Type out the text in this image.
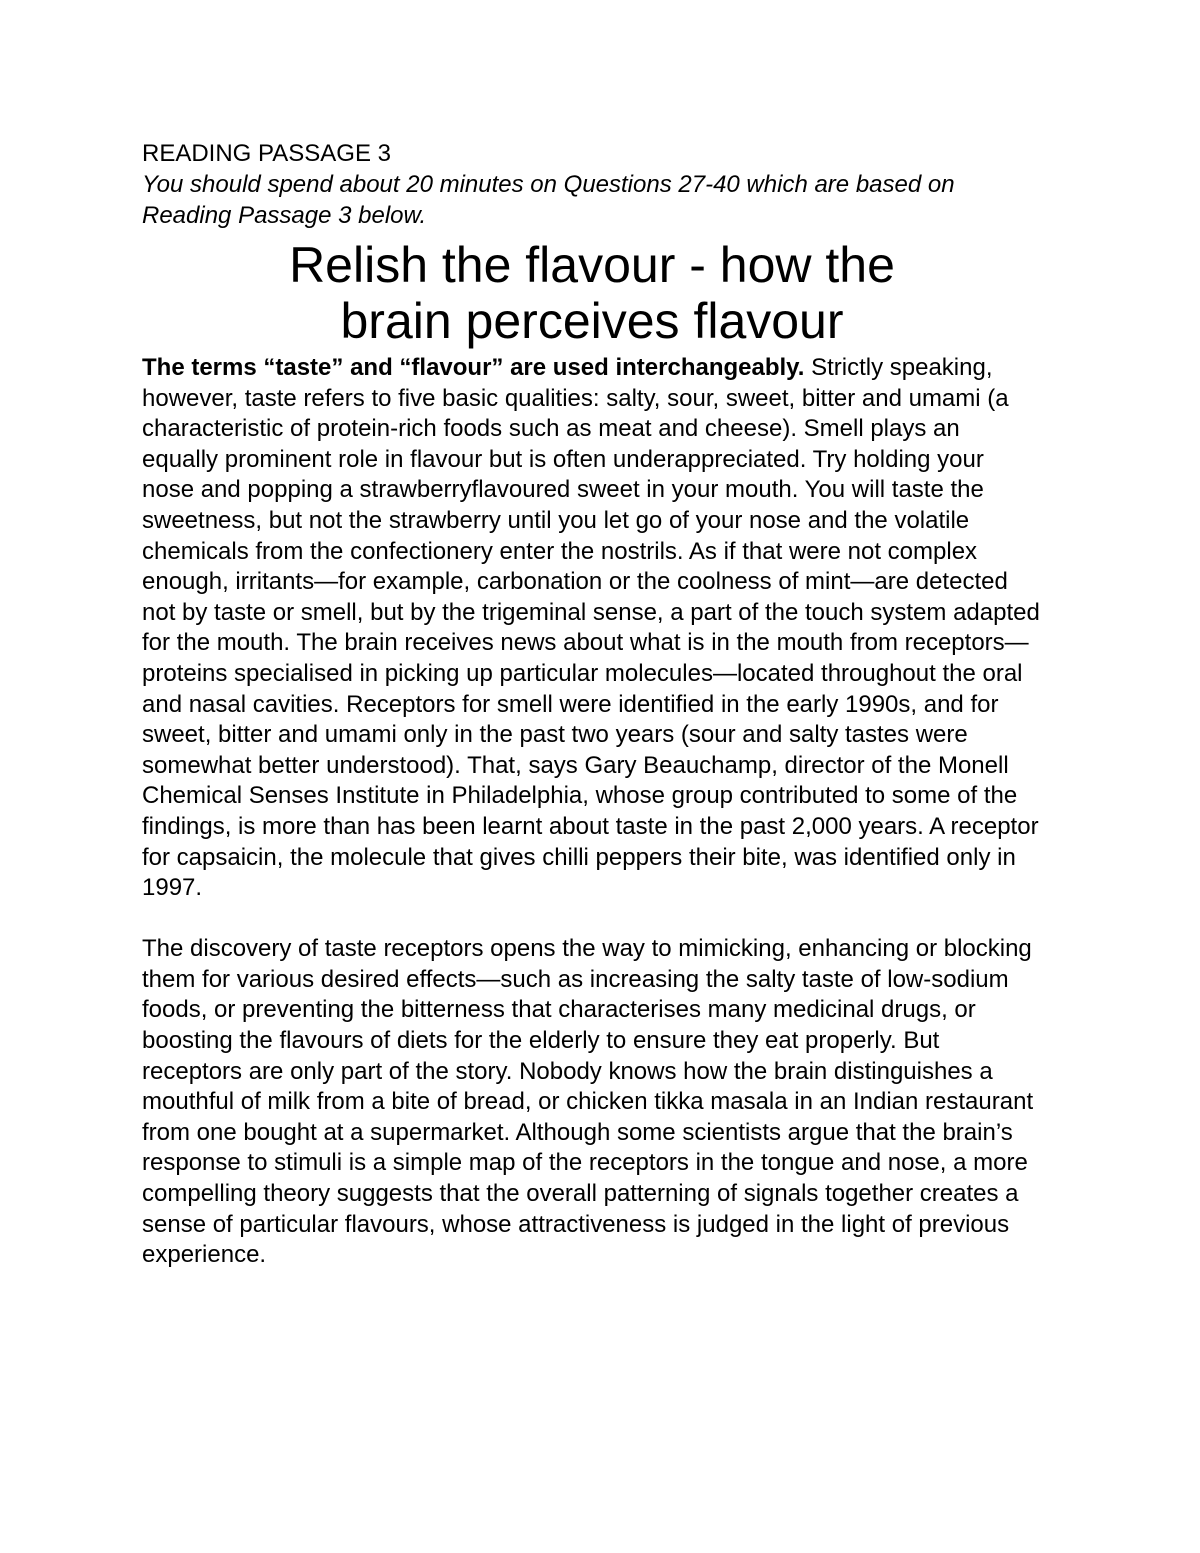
READING PASSAGE 3

You should spend about 20 minutes on Questions 27-40 which are based on Reading Passage 3 below.

Relish the flavour - how the
brain perceives flavour

The terms “taste” and “flavour” are used interchangeably. Strictly speaking, however, taste refers to five basic qualities: salty, sour, sweet, bitter and umami (a characteristic of protein-rich foods such as meat and cheese). Smell plays an equally prominent role in flavour but is often underappreciated. Try holding your nose and popping a strawberryflavoured sweet in your mouth. You will taste the sweetness, but not the strawberry until you let go of your nose and the volatile chemicals from the confectionery enter the nostrils. As if that were not complex enough, irritants—for example, carbonation or the coolness of mint—are detected not by taste or smell, but by the trigeminal sense, a part of the touch system adapted for the mouth. The brain receives news about what is in the mouth from receptors—proteins specialised in picking up particular molecules—located throughout the oral and nasal cavities. Receptors for smell were identified in the early 1990s, and for sweet, bitter and umami only in the past two years (sour and salty tastes were somewhat better understood). That, says Gary Beauchamp, director of the Monell Chemical Senses Institute in Philadelphia, whose group contributed to some of the findings, is more than has been learnt about taste in the past 2,000 years. A receptor for capsaicin, the molecule that gives chilli peppers their bite, was identified only in 1997.

The discovery of taste receptors opens the way to mimicking, enhancing or blocking them for various desired effects—such as increasing the salty taste of low-sodium foods, or preventing the bitterness that characterises many medicinal drugs, or boosting the flavours of diets for the elderly to ensure they eat properly. But receptors are only part of the story. Nobody knows how the brain distinguishes a mouthful of milk from a bite of bread, or chicken tikka masala in an Indian restaurant from one bought at a supermarket. Although some scientists argue that the brain’s response to stimuli is a simple map of the receptors in the tongue and nose, a more compelling theory suggests that the overall patterning of signals together creates a sense of particular flavours, whose attractiveness is judged in the light of previous experience.
